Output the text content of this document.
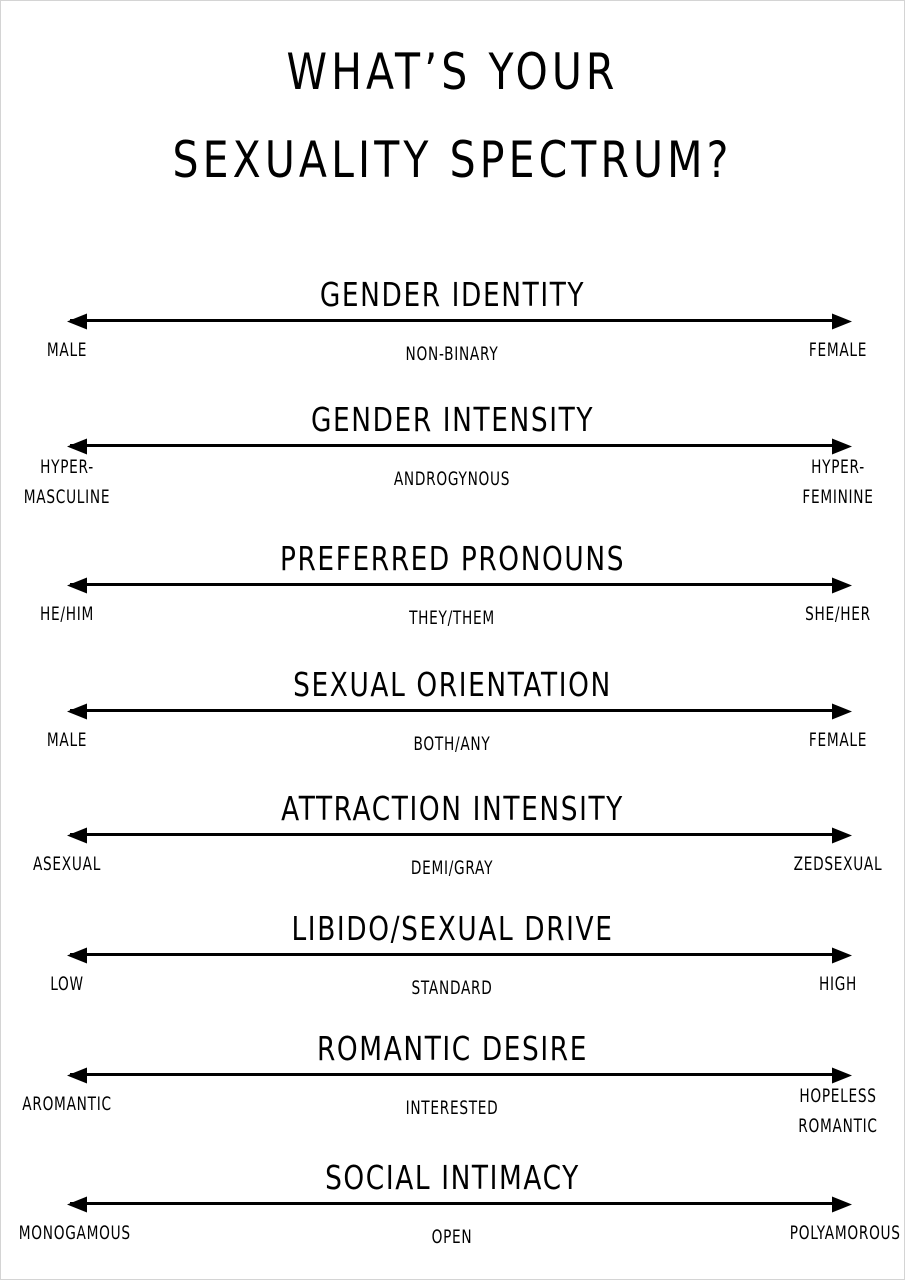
WHAT’S YOUR
SEXUALITY SPECTRUM?
GENDER IDENTITY
MALE	NON-BINARY	FEMALE
GENDER INTENSITY
HYPER-
MASCULINE
ANDROGYNOUS
HYPER-
FEMININE
PREFERRED PRONOUNS
HE/HIM	THEY/THEM	SHE/HER
SEXUAL ORIENTATION
MALE	BOTH/ANY	FEMALE
ATTRACTION INTENSITY
ASEXUAL	DEMI/GRAY	ZEDSEXUAL
LIBIDO/SEXUAL DRIVE
LOW	STANDARD	HIGH
ROMANTIC DESIRE
AROMANTIC	INTERESTED
HOPELESS
ROMANTIC
SOCIAL INTIMACY
MONOGAMOUS	OPEN	POLYAMOROUS
